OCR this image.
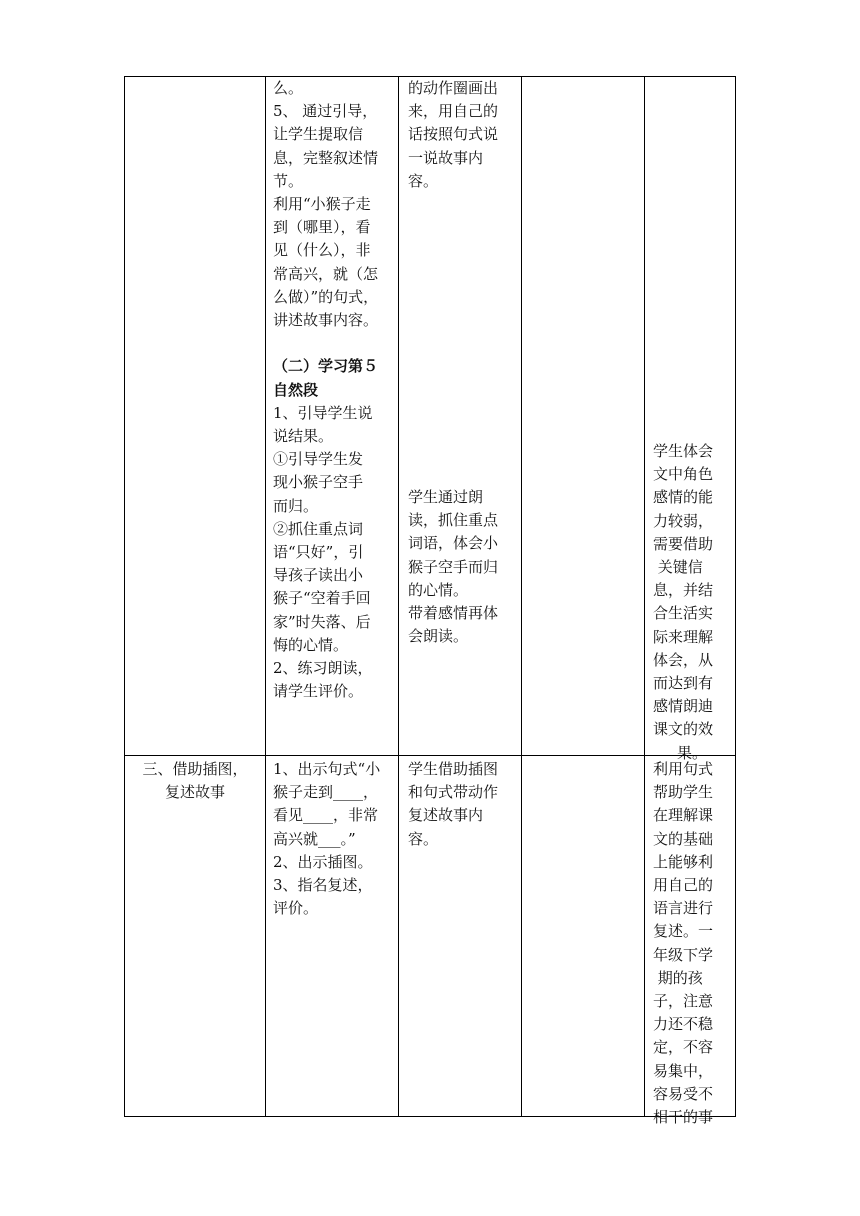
么。
5、 通过引导，
让学生提取信
息，完整叙述情
节。
利用“小猴子走
到（哪里），看
见（什么），非
常高兴，就（怎
么做）”的句式，
讲述故事内容。
（二）学习第５
自然段
1、引导学生说
说结果。
①引导学生发
现小猴子空手
而归。
②抓住重点词
语“只好”，引
导孩子读出小
猴子“空着手回
家”时失落、后
悔的心情。
2、练习朗读，
请学生评价。
的动作圈画出
来，用自己的
话按照句式说
一说故事内
容。
学生通过朗
读，抓住重点
词语，体会小
猴子空手而归
的心情。
带着感情再体
会朗读。
学生体会
文中角色
感情的能
力较弱，
需要借助
关键信
息，并结
合生活实
际来理解
体会，从
而达到有
感情朗迪
课文的效
果。
三、借助插图，
复述故事
1、出示句式“小
猴子走到____，
看见____，非常
高兴就___。”
2、出示插图。
3、指名复述，
评价。
学生借助插图
和句式带动作
复述故事内
容。
利用句式
帮助学生
在理解课
文的基础
上能够利
用自己的
语言进行
复述。一
年级下学
期的孩
子，注意
力还不稳
定，不容
易集中，
容易受不
相干的事
